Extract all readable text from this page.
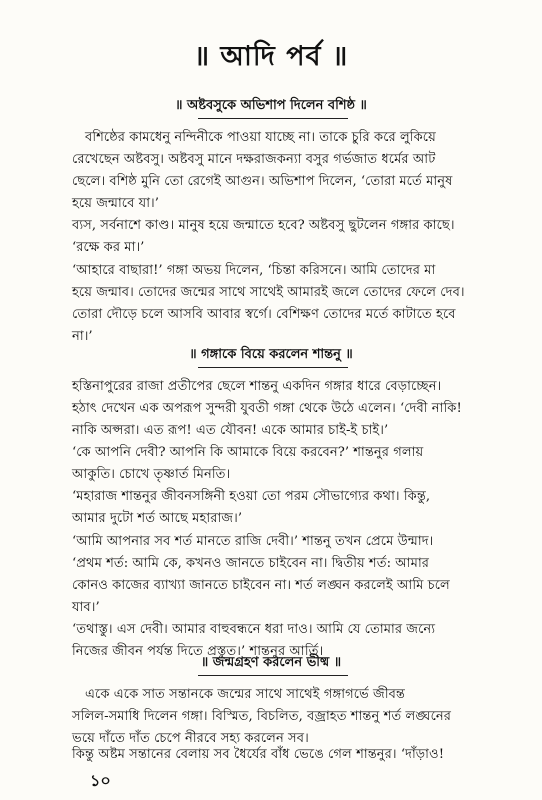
॥ আদি পর্ব ॥
॥ অষ্টবসুকে অভিশাপ দিলেন বশিষ্ঠ ॥
বশিষ্ঠের কামধেনু নন্দিনীকে পাওয়া যাচ্ছে না। তাকে চুরি করে লুকিয়ে
রেখেছেন অষ্টবসু। অষ্টবসু মানে দক্ষরাজকন্যা বসুর গর্ভজাত ধর্মের আট
ছেলে। বশিষ্ঠ মুনি তো রেগেই আগুন। অভিশাপ দিলেন, ‘তোরা মর্তে মানুষ
হয়ে জন্মাবে যা।’
ব্যস, সর্বনাশে কাণ্ড। মানুষ হয়ে জন্মাতে হবে? অষ্টবসু ছুটলেন গঙ্গার কাছে।
‘রক্ষে কর মা।’
‘আহারে বাছারা!’ গঙ্গা অভয় দিলেন, ‘চিন্তা করিসনে। আমি তোদের মা
হয়ে জন্মাব। তোদের জন্মের সাথে সাথেই আমারই জলে তোদের ফেলে দেব।
তোরা দৌড়ে চলে আসবি আবার স্বর্গে। বেশিক্ষণ তোদের মর্তে কাটাতে হবে
না।’
॥ গঙ্গাকে বিয়ে করলেন শান্তনু ॥
হস্তিনাপুরের রাজা প্রতীপের ছেলে শান্তনু একদিন গঙ্গার ধারে বেড়াচ্ছেন।
হঠাৎ দেখেন এক অপরূপ সুন্দরী যুবতী গঙ্গা থেকে উঠে এলেন। ‘দেবী নাকি!
নাকি অপ্সরা। এত রূপ! এত যৌবন! একে আমার চাই-ই চাই।’
‘কে আপনি দেবী? আপনি কি আমাকে বিয়ে করবেন?’ শান্তনুর গলায়
আকুতি। চোখে তৃষ্ণার্ত মিনতি।
‘মহারাজ শান্তনুর জীবনসঙ্গিনী হওয়া তো পরম সৌভাগ্যের কথা। কিন্তু,
আমার দুটো শর্ত আছে মহারাজ।’
‘আমি আপনার সব শর্ত মানতে রাজি দেবী।’ শান্তনু তখন প্রেমে উন্মাদ।
‘প্রথম শর্ত: আমি কে, কখনও জানতে চাইবেন না। দ্বিতীয় শর্ত: আমার
কোনও কাজের ব্যাখ্যা জানতে চাইবেন না। শর্ত লঙ্ঘন করলেই আমি চলে
যাব।’
‘তথাস্তু। এস দেবী। আমার বাহুবন্ধনে ধরা দাও। আমি যে তোমার জন্যে
নিজের জীবন পর্যন্ত দিতে প্রস্তুত।’ শান্তনুর আর্তি।
॥ জন্মগ্রহণ করলেন ভীষ্ম ॥
একে একে সাত সন্তানকে জন্মের সাথে সাথেই গঙ্গাগর্ভে জীবন্ত
সলিল-সমাধি দিলেন গঙ্গা। বিস্মিত, বিচলিত, বজ্রাহত শান্তনু শর্ত লঙ্ঘনের
ভয়ে দাঁতে দাঁত চেপে নীরবে সহ্য করলেন সব।
কিন্তু অষ্টম সন্তানের বেলায় সব ধৈর্যের বাঁধ ভেঙে গেল শান্তনুর। ‘দাঁড়াও!
১০
